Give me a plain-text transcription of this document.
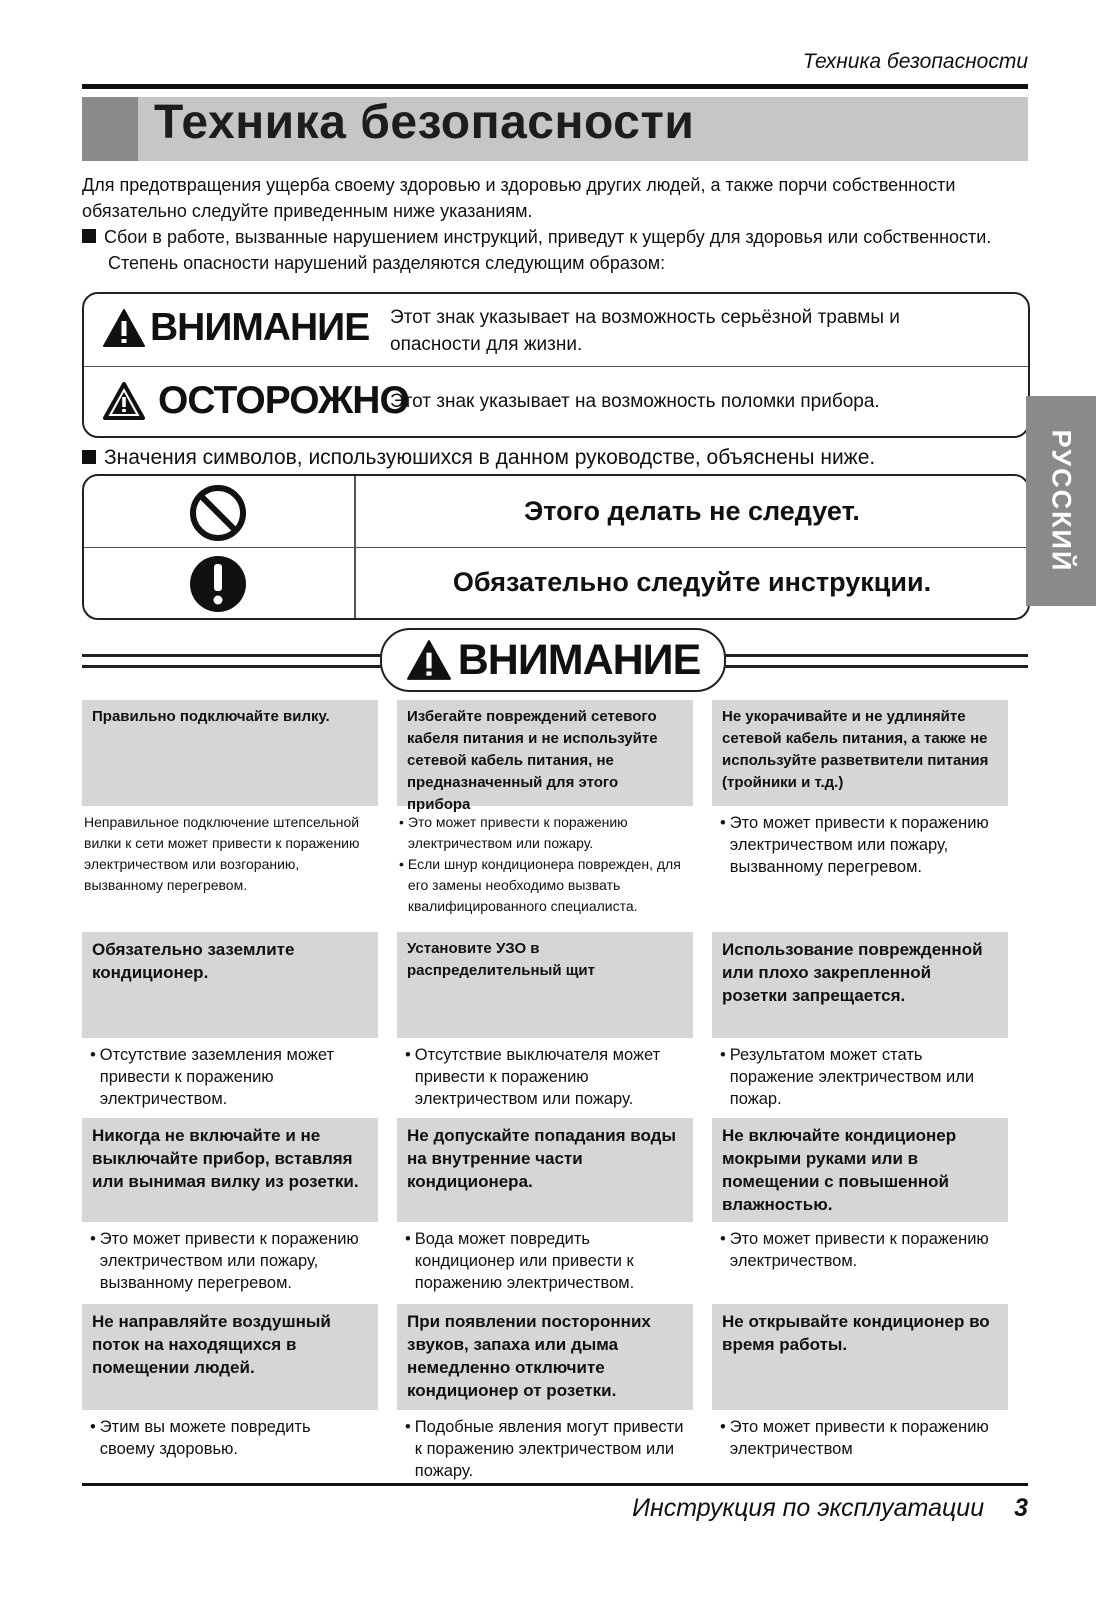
Техника безопасности
Техника безопасности
Для предотвращения ущерба своему здоровью и здоровью других людей, а также порчи собственности обязательно следуйте приведенным ниже указаниям.
Сбои в работе, вызванные нарушением инструкций, приведут к ущербу для здоровья или собственности.
Степень опасности нарушений разделяются следующим образом:
ВНИМАНИЕ Этот знак указывает на возможность серьёзной травмы и
опасности для жизни.
ОСТОРОЖНО
Этот знак указывает на возможность поломки прибора.
Значения символов, используюшихся в данном руководстве, объяснены ниже.
Этого делать не следует.
Обязательно следуйте инструкции.
ВНИМАНИЕ
Правильно подключайте вилку.
Неправильное подключение штепсельной вилки к сети может привести к поражению электричеством или возгоранию, вызванному перегревом.
Избегайте повреждений сетевого кабеля питания и не используйте сетевой кабель питания, не предназначенный для этого прибора
• Это может привести к поражению электричеством или пожару.
• Если шнур кондиционера поврежден, для его замены необходимо вызвать квалифицированного специалиста.
Не укорачивайте и не удлиняйте сетевой кабель питания, а также не используйте разветвители питания (тройники и т.д.)
• Это может привести к поражению электричеством или пожару, вызванному перегревом.
Обязательно заземлите кондиционер.
• Отсутствие заземления может привести к поражению электричеством.
Установите УЗО в распределительный щит
• Отсутствие выключателя может привести к поражению электричеством или пожару.
Использование поврежденной или плохо закрепленной розетки запрещается.
• Результатом может стать поражение электричеством или пожар.
Никогда не включайте и не выключайте прибор, вставляя или вынимая вилку из розетки.
• Это может привести к поражению электричеством или пожару, вызванному перегревом.
Не допускайте попадания воды на внутренние части кондиционера.
• Вода может повредить кондиционер или привести к поражению электричеством.
Не включайте кондиционер мокрыми руками или в помещении с повышенной влажностью.
• Это может привести к поражению электричеством.
Не направляйте воздушный поток на находящихся в помещении людей.
• Этим вы можете повредить своему здоровью.
При появлении посторонних звуков, запаха или дыма немедленно отключите кондиционер от розетки.
• Подобные явления могут привести к поражению электричеством или пожару.
Не открывайте кондиционер во время работы.
• Это может привести к поражению электричеством
Инструкция по эксплуатации 3
РУССКИЙ
